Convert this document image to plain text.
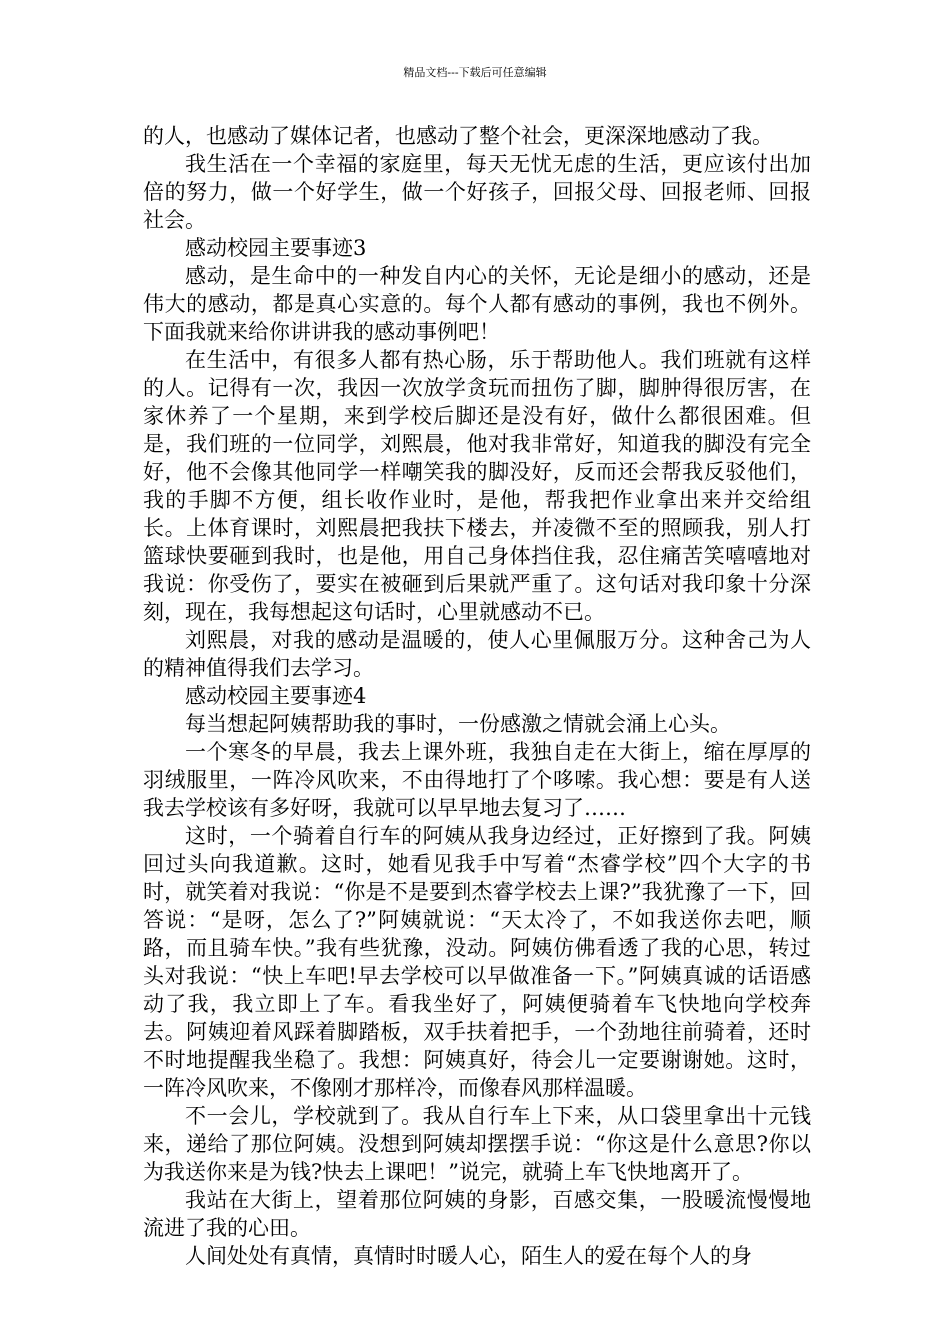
精品文档---下载后可任意编辑

的人，也感动了媒体记者，也感动了整个社会，更深深地感动了我。

我生活在一个幸福的家庭里，每天无忧无虑的生活，更应该付出加倍的努力，做一个好学生，做一个好孩子，回报父母、回报老师、回报社会。

感动校园主要事迹3

感动，是生命中的一种发自内心的关怀，无论是细小的感动，还是伟大的感动，都是真心实意的。每个人都有感动的事例，我也不例外。下面我就来给你讲讲我的感动事例吧！

在生活中，有很多人都有热心肠，乐于帮助他人。我们班就有这样的人。记得有一次，我因一次放学贪玩而扭伤了脚，脚肿得很厉害，在家休养了一个星期，来到学校后脚还是没有好，做什么都很困难。但是，我们班的一位同学，刘熙晨，他对我非常好，知道我的脚没有完全好，他不会像其他同学一样嘲笑我的脚没好，反而还会帮我反驳他们，我的手脚不方便，组长收作业时，是他，帮我把作业拿出来并交给组长。上体育课时，刘熙晨把我扶下楼去，并凌微不至的照顾我，别人打篮球快要砸到我时，也是他，用自己身体挡住我，忍住痛苦笑嘻嘻地对我说：你受伤了，要实在被砸到后果就严重了。这句话对我印象十分深刻，现在，我每想起这句话时，心里就感动不已。

刘熙晨，对我的感动是温暖的，使人心里佩服万分。这种舍己为人的精神值得我们去学习。

感动校园主要事迹4

每当想起阿姨帮助我的事时，一份感激之情就会涌上心头。

一个寒冬的早晨，我去上课外班，我独自走在大街上，缩在厚厚的羽绒服里，一阵冷风吹来，不由得地打了个哆嗦。我心想：要是有人送我去学校该有多好呀，我就可以早早地去复习了……

这时，一个骑着自行车的阿姨从我身边经过，正好擦到了我。阿姨回过头向我道歉。这时，她看见我手中写着“杰睿学校”四个大字的书时，就笑着对我说：“你是不是要到杰睿学校去上课?”我犹豫了一下，回答说：“是呀，怎么了?”阿姨就说：“天太冷了，不如我送你去吧，顺路，而且骑车快。”我有些犹豫，没动。阿姨仿佛看透了我的心思，转过头对我说：“快上车吧!早去学校可以早做准备一下。”阿姨真诚的话语感动了我，我立即上了车。看我坐好了，阿姨便骑着车飞快地向学校奔去。阿姨迎着风踩着脚踏板，双手扶着把手，一个劲地往前骑着，还时不时地提醒我坐稳了。我想：阿姨真好，待会儿一定要谢谢她。这时，一阵冷风吹来，不像刚才那样冷，而像春风那样温暖。

不一会儿，学校就到了。我从自行车上下来，从口袋里拿出十元钱来，递给了那位阿姨。没想到阿姨却摆摆手说：“你这是什么意思?你以为我送你来是为钱?快去上课吧！”说完，就骑上车飞快地离开了。

我站在大街上，望着那位阿姨的身影，百感交集，一股暖流慢慢地流进了我的心田。

人间处处有真情，真情时时暖人心，陌生人的爱在每个人的身
